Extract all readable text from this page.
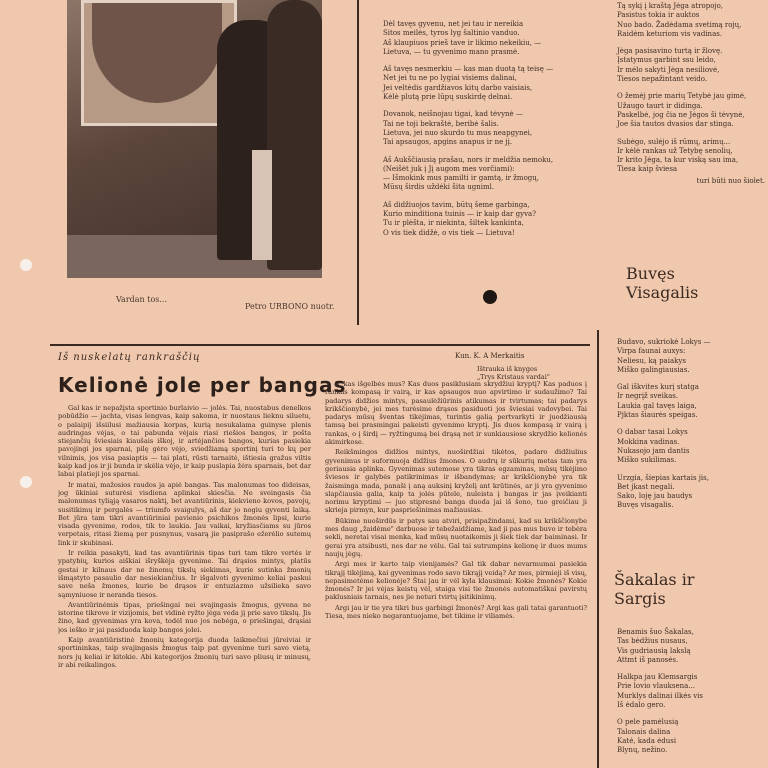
Vardan tos...
Petro URBONO nuotr.

Dėl tavęs gyvenu, net jei tau ir nereikia

Sitos meilės, tyros lyg šaltinio vanduo.

Aš klaupiuos prieš tave ir likimo nekeikiu, —

Lietuva, — tu gyvenimo mano prasmė.

Aš tavęs nesmerkiu — kas man duotą tą teisę —

Net jei tu ne po lygiai visiems dalinai,

Jei veltėdis gardžiavos kitų darbo vaisiais,

Kėlė plutą prie lūpų suskirdę delnai.

Dovanok, neišnojau tigai, kad tėvynė —

Tai ne toji bekraštė, beribė šalis.

Lietuva, jei nuo skurdo tu mus neapgynei,

Tai apsaugos, apgins anapus ir ne jį.

Aš Aukščiausią prašau, nors ir meldžia nemoku,

(Neišėt juk į Jį augom mes vorčiami):

— Išmokink mus pamilti ir gamtą, ir žmogų,

Mūsų širdis uždėki šita ugniml.

Aš didžiuojos tavim, būtų šeme garbinga,

Kurio minditiona tuinis — ir kaip dar gyva?

Tu ir plėšta, ir niekinta, šiltek kankinta,

O vis tiek didžė, o vis tiek — Lietuva!

Tą sykį į kraštą Jėga atropojo,

Pasistus tokia ir auktos

Nuo bado. Žadėdama svetimą rojų,

Raidėm keturiom vis vadinas.

Jėga pasisavino turtą ir žlovę.

Įstatymus garbint ssu leido,

Ir mėlo sakyti Jėga nesiliovė,

Tiesos nepažintant veido.

O žemėj prie marių Tetybė jau gimė,

Užaugo taurt ir didinga.

Paskelbė, jog čia ne Jėgos ši tėvynė,

Joe šia tautos dvasios dar stinga.

Subėgo, sulėjo iš rūmų, arimų...

Ir kėlė rankas už Tetybę senolių,

Ir krito Jėga, ta kur viską sau ima,

Tiesa kaip šviesa

turi būti nuo šiolet.
Buvęs
Visagalis

Budavo, sukriokė Lokys —

Virpa faunai auxys:

Neliesu, ką paiakys

Miško galingiausias.

Gal iškvites kurį statga

Ir negrįž sveikas.

Laukia gal tavęs laiga,

Pjktas šiaurės speigas.

O dabar tasai Lokys

Mokkina vadinas.

Nukasojo jam dantis

Miško sukilimas.

Urzgia, šiepias kartais jis,

Bet jkast negali.

Sako, loję jau baudys

Buvęs visagalis.

Šakalas ir
Sargis

Benamis šuo Šakalas,

Tas bėdžius nusaus,

Vis gudriausią lakslą

Attmt iš panosės.

Halkpa jau Klemsargis

Prie lovio vlauksena...

Murklys dalinai ilkės vis

Iš ėdalo gero.

O pele pamėlusią

Talonais dalina

Katė, kada ėdusi

Blynų, nežino.

Iš nuskelatų rankraščių
Kelionė jole per bangas
Kun. K. A Merkaitis
Ištrauka iš knygos
„Trys Kristaus vardai"

Gal kas ir nepažįsta sportinio burlaivio — jolės. Tai, nuostabus denelkos pobūdžio — jachta, visas lengvas, kaip sakoma, ir nuostaus lieknu siluetu, o palaipij išsiilusi mažiausia korpas, kurią nesukalama guinyse plenis audringas vėjas, o tai pabunda vėjais riasi riešios bangos, ir pošta stiejančių šviesiais kiaušais iškoj, ir artėjančios bangos, kurias pasiekia pavojingi jos sparnai, pilę gėro vėjo, sviedžiamą sportinį turi to kų per vilnimis, jos visa pasiaptis — tai plati, rūsti tarnaitė, ištiesia gražus viltis kaip kad jos ir ji bunda ir skėlia vėjo, ir kaip puslapia žėra sparnais, bet dar labai platieji jos sparnai.

Ir matai, mažosios raudos ja apiė bangas. Tas malonumas too dideisas, jog ūkiniai suturėsi visdiena aplinkai skiesčia. Ne sveingasis čia malonumas tyliąją vasaros naktį, bet avantiūrinis, kiekvieno kovos, pavojų, susitikimų ir pergalės — triumfo svaigulys, aš dar jo nogiu gyventi laiką. Bet jūra tam tikri avantiūriniai pavienio psichikos žmonės lipsi, kurie visada gyvenime, rodos, tik to laukia. Jau vaikai, kryžiasčiams su jūros verpetais, ritasi žiemą per pusnynus, vasarą jie pasiprašo ežerėlio sutemų link ir skubinasi.

Ir reikia pasakyti, kad tas avantiūrinis tipas turi tam tikro vertės ir ypatybių, kurios aiškiai išryškėja gyvenime. Tai drąsios mintys, platūs gestai ir kilnaus dar ne žinomų tikslų siekimas, kurie sutinka žmonių išmąstyto pasaulio dar nesiekiančius. Ir išgalvoti gyvenimo keliai paskui save neša žmones, kurie be drąsos ir entuziazmo užsilieka savo sąmyniuose ir neranda tiesos.

Avantiūrinėmis tipas, priešingai nei svajingasis žmogus, gyvena ne istorine tikrove ir vizijomis, bet vidinė ryžto jėga veda jį prie savo tikslų. Jis žino, kad gyvenimas yra kova, todėl nuo jos nebėga, o priešingai, drąsiai jos ieško ir jai pasiduoda kaip bangos jolei.

Kaip avantiūristinė žmonių kategorija duoda laikmečiui jūreiviai ir sportininkas, taip svajingasis žmogus taip pat gyvenime turi savo vietą, nors jų keliai ir kitokie. Abi kategorijos žmonių turi savo pliusų ir minusų, ir abi reikalingos.

Ir kas išgelbės mus? Kas duos pasiklusiam skrydžiui kryptį? Kas paduos į rankas kompasą ir vairą, ir kas apsaugos nuo apvirtimo ir sudaužimo? Tai padarys didžios mintys, pasaulėžiūrinis atikumas ir tvirtumas; tai padarys krikščionybė, jei mes turėsime drąsos pasiduoti jos šviesiai vadovybei. Tai padarys mūsų šventas tikėjimas, turintis galią pertvarkyti ir juodžiausią tamsą bei prasmingai pakeisti gyvenimo kryptį. Jis duos kompasą ir vairą į rankas, o į širdį — ryžtingumą bei drąsą net ir sunkiausiose skrydžio kelionės akimirkose.

Reikšmingos didžios mintys, nuoširdžiai tikėtos, padaro didžiulius gyvenimus ir suformuoja didžius žmones. O audrų ir sūkurių metas tam yra geriausia aplinka. Gyvenimas sutemose yra tikras egzaminas, mūsų tikėjimo šviesos ir galybės patikrinimas ir išbandymas; ar krikščionybė yra tik žaisminga mada, panaši į aną auksinį kryželį ant krūtinės, ar ji yra gyvenimo slapčiausia galia, kaip ta jolės pūtele, nuleista į bangas ir jas įveikianti norimu kryptimi — juo stipresnė banga duoda jai iš šono, tuo greičiau ji skrieja pirmyn, kur paspriešinimas mažiausias.

Būkime nuoširdūs ir patys sau atviri, prisipažindami, kad su krikščionybe mes daug „žaidėme" darbuose ir tebežaidžiame, kad ji pas mus buvo ir tebėra sekli, neretai visai menka, kad mūsų nuotaikomis ji šiek tiek dar baiminasi. Ir gerai yra atsibusti, nes dar ne vėlu. Gal tai sutrumpins kelionę ir duos mums naujų jėgų.

Argi mes ir karto taip vienijamės? Gal tik dabar nevarmumai pasiekia tikrąjį tikėjimą, kai gyvenimas rodo savo tikrąjį veidą? Ar mes, pirmieji iš visų, nepasimetėme kelionėje? Štai jau ir vėl kyla klausimai: Kokie žmonės? Kokie žmonės? Ir jei vėjas keistų vėl, staiga visi tie žmonės automatiškai pavirstų paklusniais tarnais, nes jie neturi tvirtų įsitikinimų.

Argi jau ir tie yra tikri bus garbingi žmonės? Argi kas gali tatai garantuoti? Tiesa, mes nieko negarantuojame, bet tikime ir viliamės.
